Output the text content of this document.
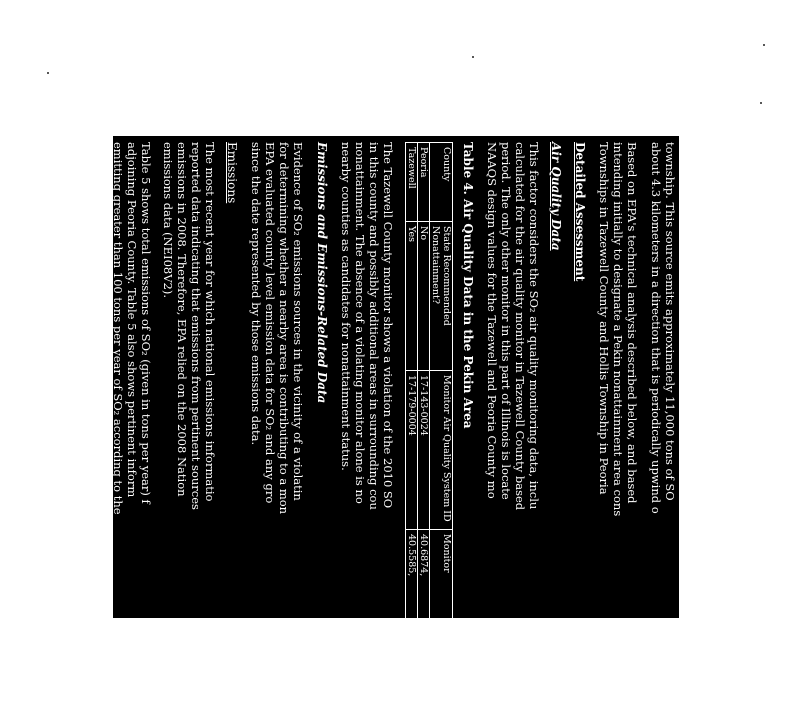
township. This source emits approximately 11,000 tons of SO
about 4.3 kilometers in a direction that is periodically upwind o
Based on EPA's technical analysis described below, and based
intending initially to designate a Pekin nonattainment area cons
Townships in Tazewell County and Hollis Township in Peoria
Detailed Assessment
Air Quality Data
This factor considers the SO₂ air quality monitoring data, inclu
calculated for the air quality monitor in Tazewell County based
period. The only other monitor in this part of Illinois is locate
NAAQS design values for the Tazewell and Peoria County mo
Table 4. Air Quality Data in the Pekin Area
County	State Recommended Nonattainment?	Monitor Air Quality System ID	Monitor
Peoria	No	17-143-0024	40.6874,
Tazewell	Yes	17-179-0004	40.5585,
The Tazewell County monitor shows a violation of the 2010 SO
in this county and possibly additional areas in surrounding cou
nonattainment. The absence of a violating monitor alone is no
nearby counties as candidates for nonattainment status.
Emissions and Emissions-Related Data
Evidence of SO₂ emissions sources in the vicinity of a violatin
for determining whether a nearby area is contributing to a mon
EPA evaluated county level emission data for SO₂ and any gro
since the date represented by those emissions data.
Emissions
The most recent year for which national emissions informatio
reported data indicating that emissions from pertinent sources
emissions in 2008. Therefore, EPA relied on the 2008 Nation
emissions data (NEI08V2).
Table 5 shows total emissions of SO₂ (given in tons per year) f
adjoining Peoria County. Table 5 also shows pertinent inform
emitting greater than 100 tons per year of SO₂ according to the
